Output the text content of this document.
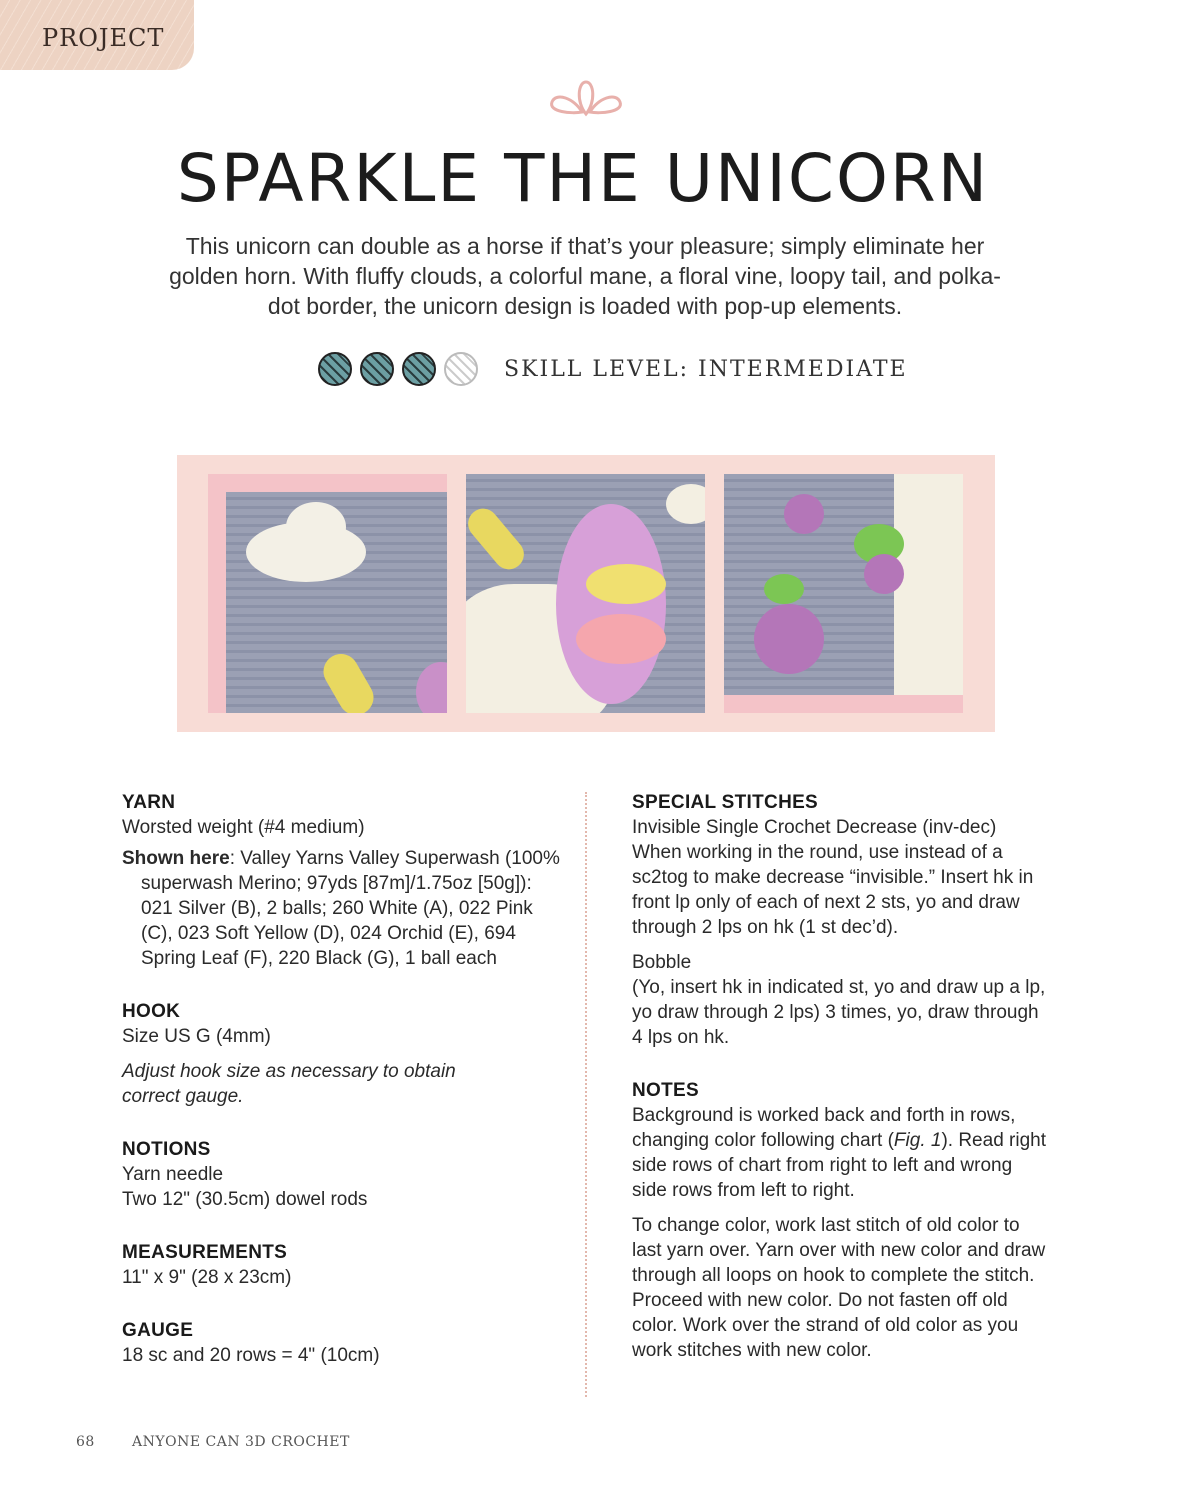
PROJECT
SPARKLE THE UNICORN

This unicorn can double as a horse if that’s your pleasure; simply eliminate her golden horn. With fluffy clouds, a colorful mane, a floral vine, loopy tail, and polka-dot border, the unicorn design is loaded with pop-up elements.

SKILL LEVEL: INTERMEDIATE
YARN

Worsted weight (#4 medium)

Shown here: Valley Yarns Valley Superwash (100% superwash Merino; 97yds [87m]/1.75oz [50g]): 021 Silver (B), 2 balls; 260 White (A), 022 Pink (C), 023 Soft Yellow (D), 024 Orchid (E), 694 Spring Leaf (F), 220 Black (G), 1 ball each

HOOK

Size US G (4mm)

Adjust hook size as necessary to obtain correct gauge.

NOTIONS
Yarn needle
Two 12" (30.5cm) dowel rods
MEASUREMENTS
11" x 9" (28 x 23cm)
GAUGE
18 sc and 20 rows = 4" (10cm)
SPECIAL STITCHES
Invisible Single Crochet Decrease (inv-dec)

When working in the round, use instead of a sc2tog to make decrease “invisible.” Insert hk in front lp only of each of next 2 sts, yo and draw through 2 lps on hk (1 st dec’d).

Bobble

(Yo, insert hk in indicated st, yo and draw up a lp, yo draw through 2 lps) 3 times, yo, draw through 4 lps on hk.

NOTES

Background is worked back and forth in rows, changing color following chart (Fig. 1). Read right side rows of chart from right to left and wrong side rows from left to right.

To change color, work last stitch of old color to last yarn over. Yarn over with new color and draw through all loops on hook to complete the stitch. Proceed with new color. Do not fasten off old color. Work over the strand of old color as you work stitches with new color.

68	ANYONE CAN 3D CROCHET
